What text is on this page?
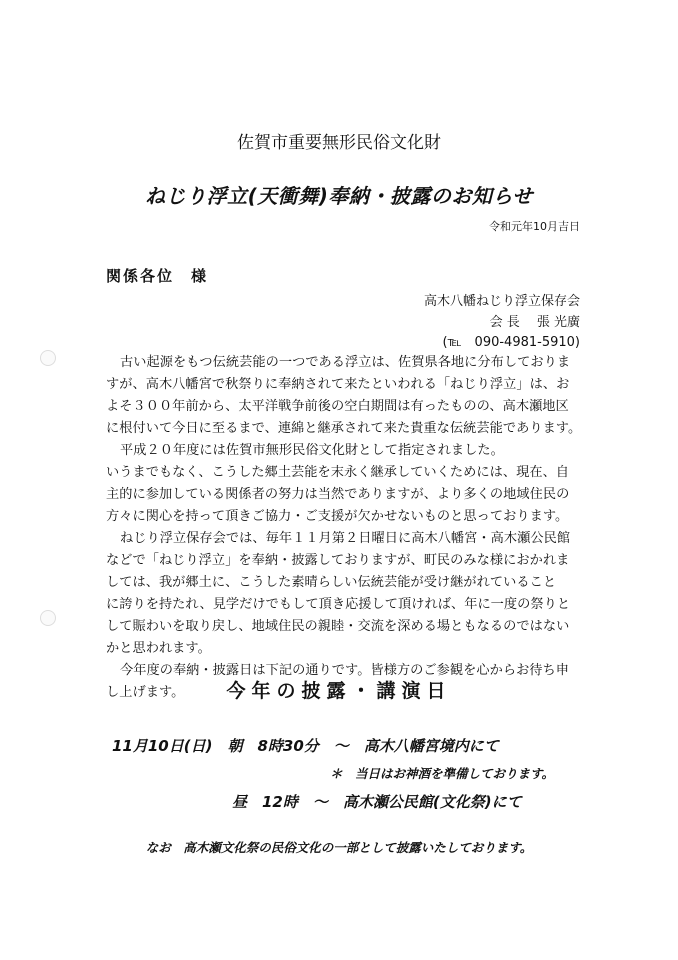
佐賀市重要無形民俗文化財
ねじり浮立(天衝舞)奉納・披露のお知らせ
令和元年10月吉日
関係各位　様
高木八幡ねじり浮立保存会
会 長　 張 光廣
(℡　090-4981-5910)
古い起源をもつ伝統芸能の一つである浮立は、佐賀県各地に分布しておりま
すが、高木八幡宮で秋祭りに奉納されて来たといわれる「ねじり浮立」は、お
よそ３００年前から、太平洋戦争前後の空白期間は有ったものの、高木瀬地区
に根付いて今日に至るまで、連綿と継承されて来た貴重な伝統芸能であります。
平成２０年度には佐賀市無形民俗文化財として指定されました。
いうまでもなく、こうした郷土芸能を末永く継承していくためには、現在、自
主的に参加している関係者の努力は当然でありますが、より多くの地域住民の
方々に関心を持って頂きご協力・ご支援が欠かせないものと思っております。
ねじり浮立保存会では、毎年１１月第２日曜日に高木八幡宮・高木瀬公民館
などで「ねじり浮立」を奉納・披露しておりますが、町民のみな様におかれま
しては、我が郷土に、こうした素晴らしい伝統芸能が受け継がれていること
に誇りを持たれ、見学だけでもして頂き応援して頂ければ、年に一度の祭りと
して賑わいを取り戻し、地域住民の親睦・交流を深める場ともなるのではない
かと思われます。
今年度の奉納・披露日は下記の通りです。皆様方のご参観を心からお待ち申
し上げます。	今年の披露・講演日
11月10日(日)　朝　8時30分　～　高木八幡宮境内にて
＊　当日はお神酒を準備しております。
昼　12時　～　高木瀬公民館(文化祭)にて
なお　高木瀬文化祭の民俗文化の一部として披露いたしております。
